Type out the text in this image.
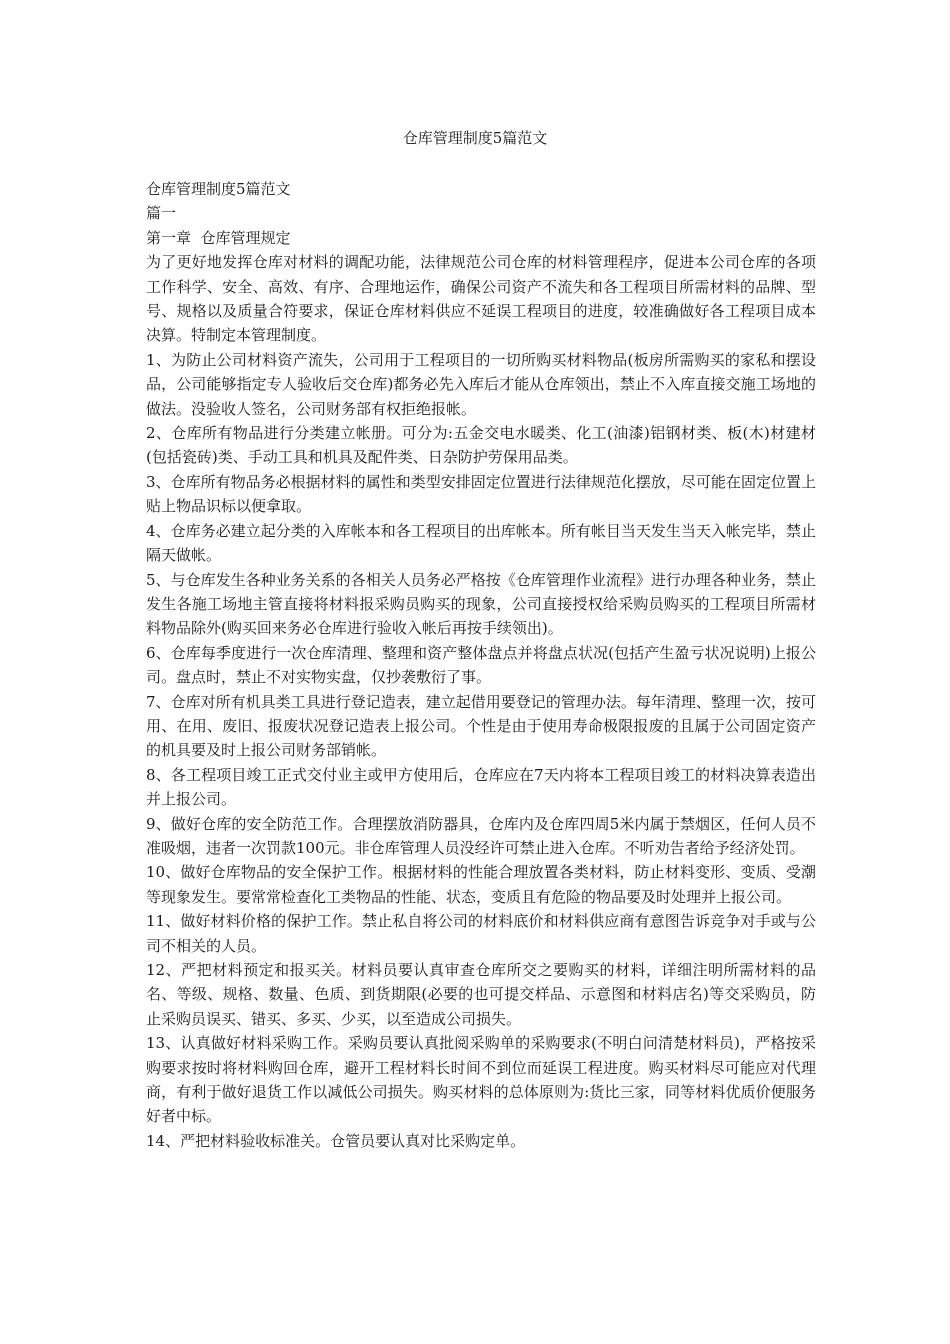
仓库管理制度5篇范文

仓库管理制度5篇范文

篇一

第一章  仓库管理规定

为了更好地发挥仓库对材料的调配功能，法律规范公司仓库的材料管理程序，促进本公司仓库的各项工作科学、安全、高效、有序、合理地运作，确保公司资产不流失和各工程项目所需材料的品牌、型号、规格以及质量合符要求，保证仓库材料供应不延误工程项目的进度，较准确做好各工程项目成本决算。特制定本管理制度。

1、为防止公司材料资产流失，公司用于工程项目的一切所购买材料物品(板房所需购买的家私和摆设品，公司能够指定专人验收后交仓库)都务必先入库后才能从仓库领出，禁止不入库直接交施工场地的做法。没验收人签名，公司财务部有权拒绝报帐。

2、仓库所有物品进行分类建立帐册。可分为:五金交电水暖类、化工(油漆)铝钢材类、板(木)材建材(包括瓷砖)类、手动工具和机具及配件类、日杂防护劳保用品类。

3、仓库所有物品务必根据材料的属性和类型安排固定位置进行法律规范化摆放，尽可能在固定位置上贴上物品识标以便拿取。

4、仓库务必建立起分类的入库帐本和各工程项目的出库帐本。所有帐目当天发生当天入帐完毕，禁止隔天做帐。

5、与仓库发生各种业务关系的各相关人员务必严格按《仓库管理作业流程》进行办理各种业务，禁止发生各施工场地主管直接将材料报采购员购买的现象，公司直接授权给采购员购买的工程项目所需材料物品除外(购买回来务必仓库进行验收入帐后再按手续领出)。

6、仓库每季度进行一次仓库清理、整理和资产整体盘点并将盘点状况(包括产生盈亏状况说明)上报公司。盘点时，禁止不对实物实盘，仅抄袭敷衍了事。

7、仓库对所有机具类工具进行登记造表，建立起借用要登记的管理办法。每年清理、整理一次，按可用、在用、废旧、报废状况登记造表上报公司。个性是由于使用寿命极限报废的且属于公司固定资产的机具要及时上报公司财务部销帐。

8、各工程项目竣工正式交付业主或甲方使用后，仓库应在7天内将本工程项目竣工的材料决算表造出并上报公司。

9、做好仓库的安全防范工作。合理摆放消防器具，仓库内及仓库四周5米内属于禁烟区，任何人员不准吸烟，违者一次罚款100元。非仓库管理人员没经许可禁止进入仓库。不听劝告者给予经济处罚。

10、做好仓库物品的安全保护工作。根据材料的性能合理放置各类材料，防止材料变形、变质、受潮等现象发生。要常常检查化工类物品的性能、状态，变质且有危险的物品要及时处理并上报公司。

11、做好材料价格的保护工作。禁止私自将公司的材料底价和材料供应商有意图告诉竞争对手或与公司不相关的人员。

12、严把材料预定和报买关。材料员要认真审查仓库所交之要购买的材料，详细注明所需材料的品名、等级、规格、数量、色质、到货期限(必要的也可提交样品、示意图和材料店名)等交采购员，防止采购员误买、错买、多买、少买，以至造成公司损失。

13、认真做好材料采购工作。采购员要认真批阅采购单的采购要求(不明白问清楚材料员)，严格按采购要求按时将材料购回仓库，避开工程材料长时间不到位而延误工程进度。购买材料尽可能应对代理商，有利于做好退货工作以减低公司损失。购买材料的总体原则为:货比三家，同等材料优质价便服务好者中标。

14、严把材料验收标准关。仓管员要认真对比采购定单。
